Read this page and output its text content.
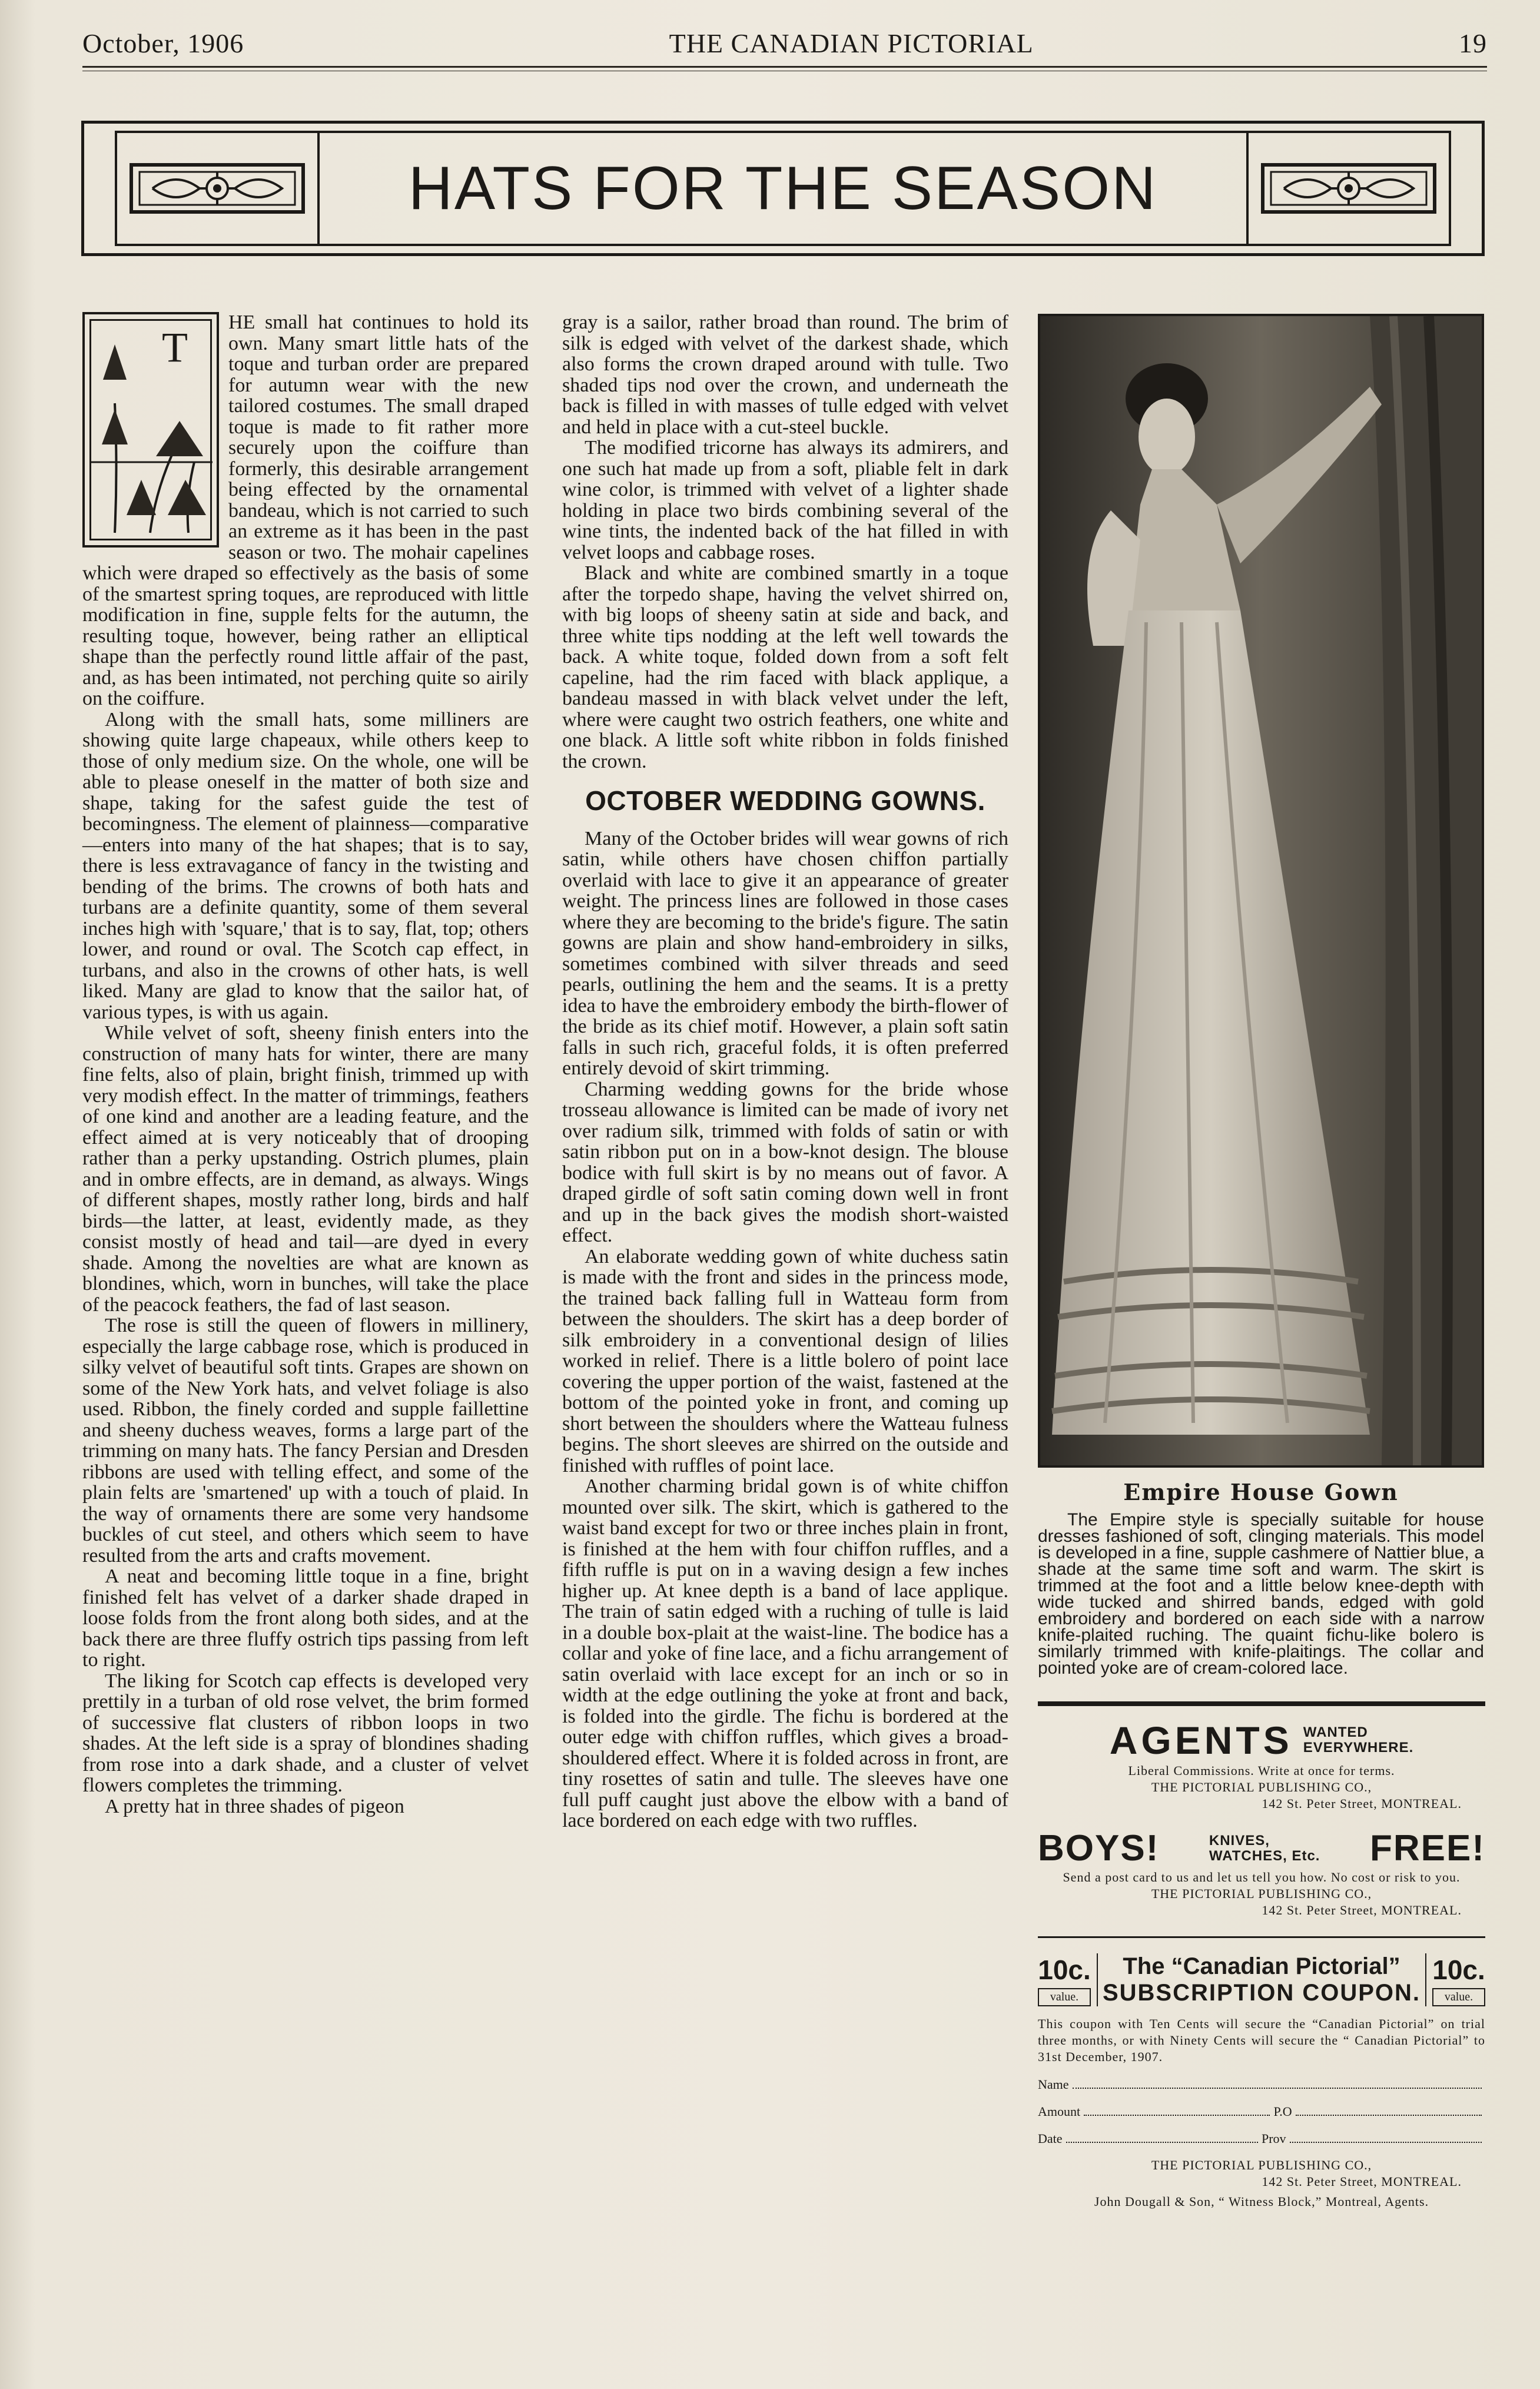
October, 1906	THE CANADIAN PICTORIAL	19
HATS FOR THE SEASON
T

HE small hat continues to hold its own. Many smart little hats of the toque and turban order are prepared for autumn wear with the new tailored costumes. The small draped toque is made to fit rather more securely upon the coiffure than formerly, this desirable arrangement being effected by the ornamental bandeau, which is not carried to such an extreme as it has been in the past season or two. The mohair capelines which were draped so effectively as the basis of some of the smartest spring toques, are reproduced with little modification in fine, supple felts for the autumn, the resulting toque, however, being rather an elliptical shape than the perfectly round little affair of the past, and, as has been intimated, not perching quite so airily on the coiffure.

Along with the small hats, some milliners are showing quite large chapeaux, while others keep to those of only medium size. On the whole, one will be able to please oneself in the matter of both size and shape, taking for the safest guide the test of becomingness. The element of plainness—comparative—enters into many of the hat shapes; that is to say, there is less extravagance of fancy in the twisting and bending of the brims. The crowns of both hats and turbans are a definite quantity, some of them several inches high with 'square,' that is to say, flat, top; others lower, and round or oval. The Scotch cap effect, in turbans, and also in the crowns of other hats, is well liked. Many are glad to know that the sailor hat, of various types, is with us again.

While velvet of soft, sheeny finish enters into the construction of many hats for winter, there are many fine felts, also of plain, bright finish, trimmed up with very modish effect. In the matter of trimmings, feathers of one kind and another are a leading feature, and the effect aimed at is very noticeably that of drooping rather than a perky upstanding. Ostrich plumes, plain and in ombre effects, are in demand, as always. Wings of different shapes, mostly rather long, birds and half birds—the latter, at least, evidently made, as they consist mostly of head and tail—are dyed in every shade. Among the novelties are what are known as blondines, which, worn in bunches, will take the place of the peacock feathers, the fad of last season.

The rose is still the queen of flowers in millinery, especially the large cabbage rose, which is produced in silky velvet of beautiful soft tints. Grapes are shown on some of the New York hats, and velvet foliage is also used. Ribbon, the finely corded and supple faillettine and sheeny duchess weaves, forms a large part of the trimming on many hats. The fancy Persian and Dresden ribbons are used with telling effect, and some of the plain felts are 'smartened' up with a touch of plaid. In the way of ornaments there are some very handsome buckles of cut steel, and others which seem to have resulted from the arts and crafts movement.

A neat and becoming little toque in a fine, bright finished felt has velvet of a darker shade draped in loose folds from the front along both sides, and at the back there are three fluffy ostrich tips passing from left to right.

The liking for Scotch cap effects is developed very prettily in a turban of old rose velvet, the brim formed of successive flat clusters of ribbon loops in two shades. At the left side is a spray of blondines shading from rose into a dark shade, and a cluster of velvet flowers completes the trimming.

A pretty hat in three shades of pigeon

gray is a sailor, rather broad than round. The brim of silk is edged with velvet of the darkest shade, which also forms the crown draped around with tulle. Two shaded tips nod over the crown, and underneath the back is filled in with masses of tulle edged with velvet and held in place with a cut-steel buckle.

The modified tricorne has always its admirers, and one such hat made up from a soft, pliable felt in dark wine color, is trimmed with velvet of a lighter shade holding in place two birds combining several of the wine tints, the indented back of the hat filled in with velvet loops and cabbage roses.

Black and white are combined smartly in a toque after the torpedo shape, having the velvet shirred on, with big loops of sheeny satin at side and back, and three white tips nodding at the left well towards the back. A white toque, folded down from a soft felt capeline, had the rim faced with black applique, a bandeau massed in with black velvet under the left, where were caught two ostrich feathers, one white and one black. A little soft white ribbon in folds finished the crown.

OCTOBER WEDDING GOWNS.

Many of the October brides will wear gowns of rich satin, while others have chosen chiffon partially overlaid with lace to give it an appearance of greater weight. The princess lines are followed in those cases where they are becoming to the bride's figure. The satin gowns are plain and show hand-embroidery in silks, sometimes combined with silver threads and seed pearls, outlining the hem and the seams. It is a pretty idea to have the embroidery embody the birth-flower of the bride as its chief motif. However, a plain soft satin falls in such rich, graceful folds, it is often preferred entirely devoid of skirt trimming.

Charming wedding gowns for the bride whose trosseau allowance is limited can be made of ivory net over radium silk, trimmed with folds of satin or with satin ribbon put on in a bow-knot design. The blouse bodice with full skirt is by no means out of favor. A draped girdle of soft satin coming down well in front and up in the back gives the modish short-waisted effect.

An elaborate wedding gown of white duchess satin is made with the front and sides in the princess mode, the trained back falling full in Watteau form from between the shoulders. The skirt has a deep border of silk embroidery in a conventional design of lilies worked in relief. There is a little bolero of point lace covering the upper portion of the waist, fastened at the bottom of the pointed yoke in front, and coming up short between the shoulders where the Watteau fulness begins. The short sleeves are shirred on the outside and finished with ruffles of point lace.

Another charming bridal gown is of white chiffon mounted over silk. The skirt, which is gathered to the waist band except for two or three inches plain in front, is finished at the hem with four chiffon ruffles, and a fifth ruffle is put on in a waving design a few inches higher up. At knee depth is a band of lace applique. The train of satin edged with a ruching of tulle is laid in a double box-plait at the waist-line. The bodice has a collar and yoke of fine lace, and a fichu arrangement of satin overlaid with lace except for an inch or so in width at the edge outlining the yoke at front and back, is folded into the girdle. The fichu is bordered at the outer edge with chiffon ruffles, which gives a broad-shouldered effect. Where it is folded across in front, are tiny rosettes of satin and tulle. The sleeves have one full puff caught just above the elbow with a band of lace bordered on each edge with two ruffles.

Empire House Gown

The Empire style is specially suitable for house dresses fashioned of soft, clinging materials. This model is developed in a fine, supple cashmere of Nattier blue, a shade at the same time soft and warm. The skirt is trimmed at the foot and a little below knee-depth with wide tucked and shirred bands, edged with gold embroidery and bordered on each side with a narrow knife-plaited ruching. The quaint fichu-like bolero is similarly trimmed with knife-plaitings. The collar and pointed yoke are of cream-colored lace.

AGENTS WANTED
EVERYWHERE.
Liberal Commissions. Write at once for terms.
THE PICTORIAL PUBLISHING CO.,
142 St. Peter Street, MONTREAL.
BOYS!	KNIVES,
WATCHES, Etc. FREE!
Send a post card to us and let us tell you how. No cost or risk to you.
THE PICTORIAL PUBLISHING CO.,
142 St. Peter Street, MONTREAL.
10c.
value.
The “Canadian Pictorial”
SUBSCRIPTION COUPON.
10c.
value.
This coupon with Ten Cents will secure the “Canadian Pictorial” on trial three months, or with Ninety Cents will secure the “ Canadian Pictorial” to 31st December, 1907.
Name
Amount	P.O
Date	Prov
THE PICTORIAL PUBLISHING CO.,
142 St. Peter Street, MONTREAL.
John Dougall & Son, “ Witness Block,” Montreal, Agents.
